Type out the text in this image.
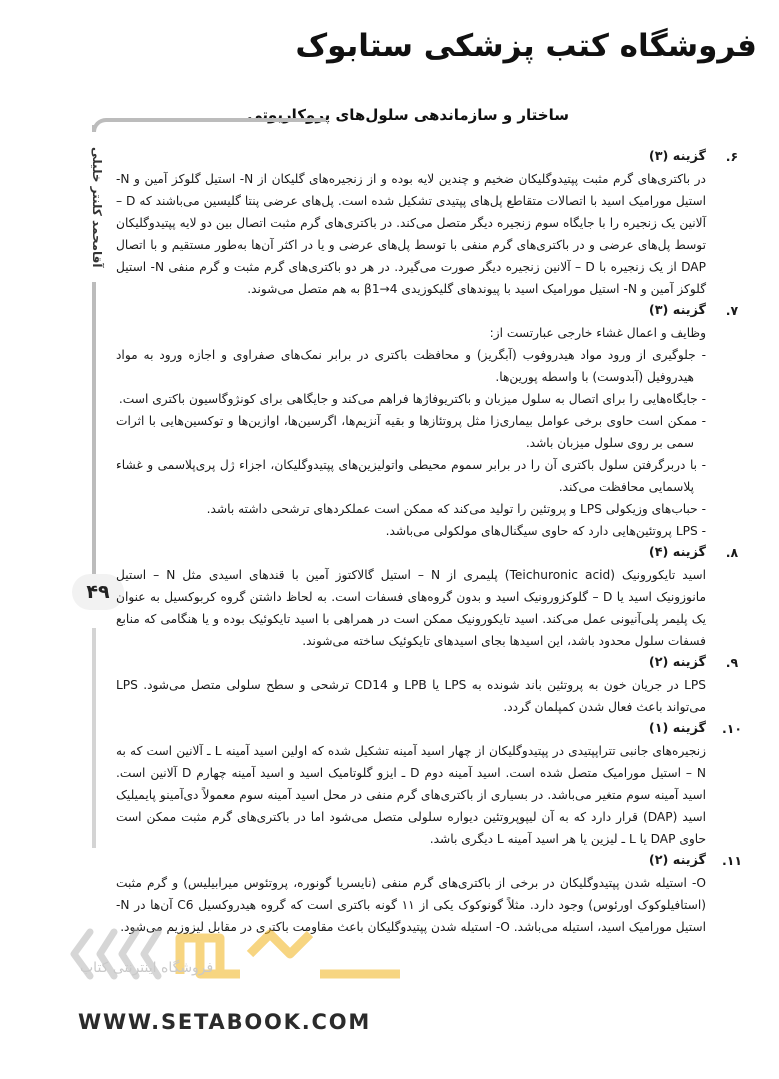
فروشگاه کتب پزشکی ستابوک
ساختار و سازماندهی سلول‌های پروکاریوتی
آقامحمد کلنتر خلیلی
۴۹
۶.
گزینه (۳)

در باکتری‌های گرم مثبت پپتیدوگلیکان ضخیم و چندین لایه بوده و از زنجیره‌های گلیکان از N- استیل گلوکز آمین و N- استیل مورامیک اسید با اتصالات متقاطع پل‌های پپتیدی تشکیل شده است. پل‌های عرضی پنتا گلیسین می‌باشند که D – آلانین یک زنجیره را با جایگاه سوم زنجیره دیگر متصل می‌کند. در باکتری‌های گرم مثبت اتصال بین دو لایه پپتیدوگلیکان توسط پل‌های عرضی و در باکتری‌های گرم منفی با توسط پل‌های عرضی و یا در اکثر آن‌ها به‌طور مستقیم و با اتصال DAP از یک زنجیره با D – آلانین زنجیره دیگر صورت می‌گیرد. در هر دو باکتری‌های گرم مثبت و گرم منفی N- استیل گلوکز آمین و N- استیل مورامیک اسید با پیوندهای گلیکوزیدی β1→4 به هم متصل می‌شوند.

۷.
گزینه (۳)

وظایف و اعمال غشاء خارجی عبارتست از:

- جلوگیری از ورود مواد هیدروفوب (آبگریز) و محافظت باکتری در برابر نمک‌های صفراوی و اجازه ورود به مواد هیدروفیل (آبدوست) با واسطه پورین‌ها.
- جایگاه‌هایی را برای اتصال به سلول میزبان و باکتریوفاژها فراهم می‌کند و جایگاهی برای کونژوگاسیون باکتری است.
- ممکن است حاوی برخی عوامل بیماری‌زا مثل پروتئازها و بقیه آنزیم‌ها، اگرسین‌ها، اوازین‌ها و توکسین‌هایی با اثرات سمی بر روی سلول میزبان باشد.
- با دربرگرفتن سلول باکتری آن را در برابر سموم محیطی واتولیزین‌های پپتیدوگلیکان، اجزاء ژل پری‌پلاسمی و غشاء پلاسمایی محافظت می‌کند.
- حباب‌های وزیکولی LPS و پروتئین را تولید می‌کند که ممکن است عملکردهای ترشحی داشته باشد.
- LPS پروتئین‌هایی دارد که حاوی سیگنال‌های مولکولی می‌باشد.
۸.
گزینه (۴)

اسید تایکورونیک (Teichuronic acid) پلیمری از N – استیل گالاکتوز آمین با قندهای اسیدی مثل N – استیل مانوزونیک اسید یا D – گلوکزورونیک اسید و بدون گروه‌های فسفات است. به لحاظ داشتن گروه کربوکسیل به عنوان یک پلیمر پلی‌آنیونی عمل می‌کند. اسید تایکورونیک ممکن است در همراهی با اسید تایکوئیک بوده و یا هنگامی که منابع فسفات سلول محدود باشد، این اسیدها بجای اسیدهای تایکوئیک ساخته می‌شوند.

۹.
گزینه (۲)

LPS در جریان خون به پروتئین باند شونده به LPS یا LPB و CD14 ترشحی و سطح سلولی متصل می‌شود. LPS می‌تواند باعث فعال شدن کمپلمان گردد.

۱۰.
گزینه (۱)

زنجیره‌های جانبی تترا‌پپتیدی در پپتیدوگلیکان از چهار اسید آمینه تشکیل شده که اولین اسید آمینه L ـ آلانین است که به N – استیل مورامیک متصل شده است. اسید آمینه دوم D ـ ایزو گلوتامیک اسید و اسید آمینه چهارم D آلانین است. اسید آمینه سوم متغیر می‌باشد. در بسیاری از باکتری‌های گرم منفی در محل اسید آمینه سوم معمولاً دی‌آمینو پایمیلیک اسید (DAP) قرار دارد که به آن لیپوپروتئین دیواره سلولی متصل می‌شود اما در باکتری‌های گرم مثبت ممکن است حاوی DAP یا L ـ لیزین یا هر اسید آمینه L دیگری باشد.

۱۱.
گزینه (۲)

O- استیله شدن پپتیدوگلیکان در برخی از باکتری‌های گرم منفی (نایسریا گونوره، پروتئوس میرابیلیس) و گرم مثبت (استافیلوکوک اورئوس) وجود دارد. مثلاً گونوکوک یکی از ۱۱ گونه باکتری است که گروه هیدروکسیل C6 آن‌ها در N- استیل مورامیک اسید، استیله می‌باشد. O- استیله شدن پپتیدوگلیکان باعث مقاومت باکتری در مقابل لیزوزیم می‌شود.

فروشگاه اینترنتی کتاب
WWW.SETABOOK.COM
